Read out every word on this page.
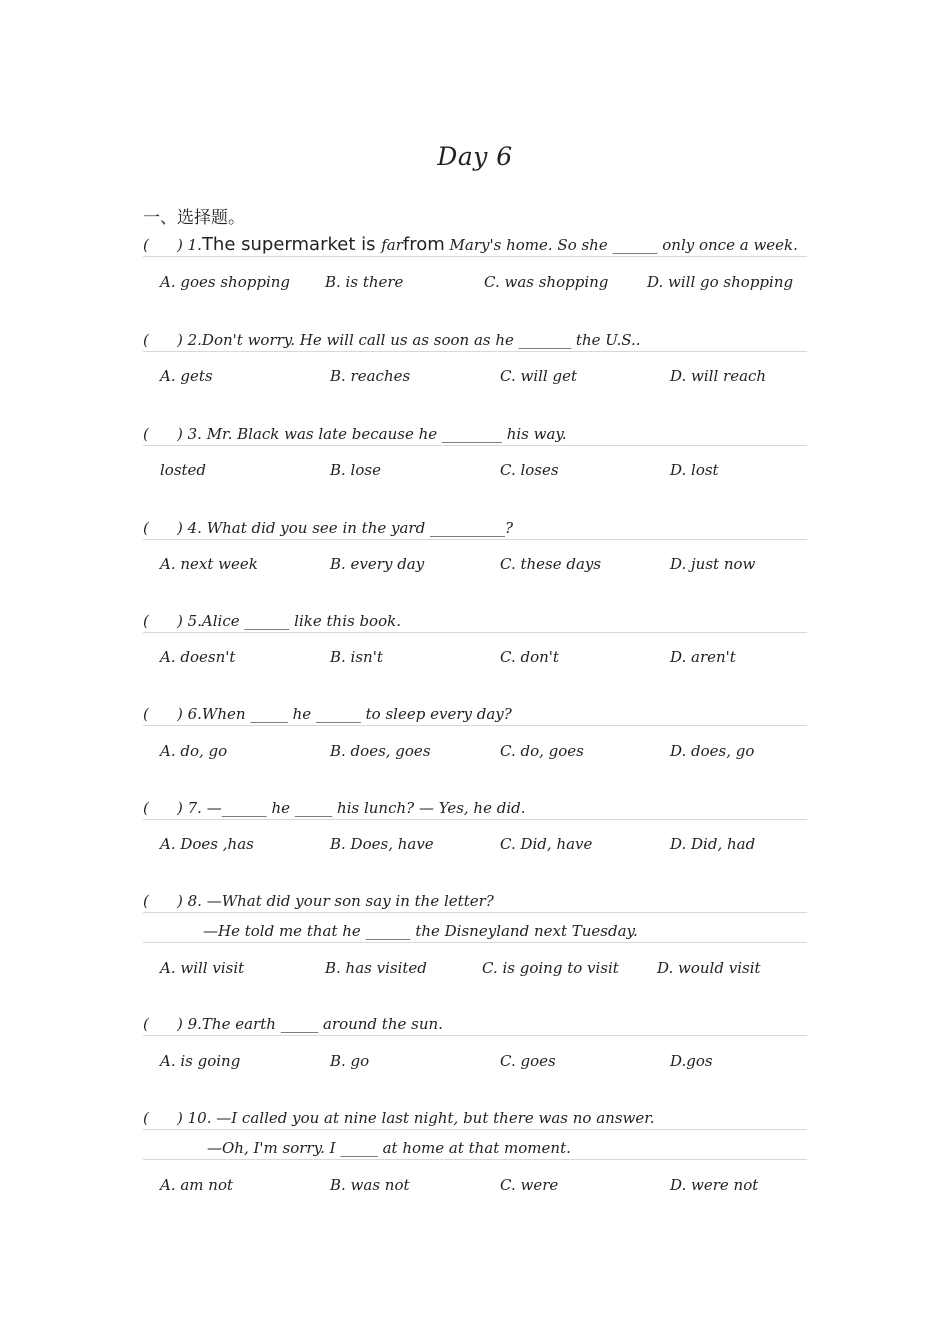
Day 6
一、选择题。
() 1.The supermarket is farfrom Mary's home. So she ______ only once a week.
A. goes shopping B. is there	C. was shopping	D. will go shopping
( ) 2.Don't worry. He will call us as soon as he _______ the U.S..
A. gets	B. reaches	C. will get	D. will reach
( ) 3. Mr. Black was late because he ________ his way.
losted	B. lose	C. loses	D. lost
( ) 4. What did you see in the yard __________?
A. next week	B. every day	C. these days	D. just now
( ) 5.Alice ______ like this book.
A. doesn't	B. isn't	C. don't	D. aren't
( ) 6.When _____ he ______ to sleep every day?
A. do, go	B. does, goes	C. do, goes	D. does, go
( ) 7. —______ he _____ his lunch? — Yes, he did.
A. Does ,has	B. Does, have	C. Did, have	D. Did, had
( ) 8. —What did your son say in the letter?
—He told me that he ______ the Disneyland next Tuesday.
A. will visit	B. has visited	C. is going to visit	D. would visit
( ) 9.The earth _____ around the sun.
A. is going	B. go	C. goes	D.gos
( ) 10. —I called you at nine last night, but there was no answer.
—Oh, I'm sorry. I _____ at home at that moment.
A. am not	B. was not	C. were	D. were not
